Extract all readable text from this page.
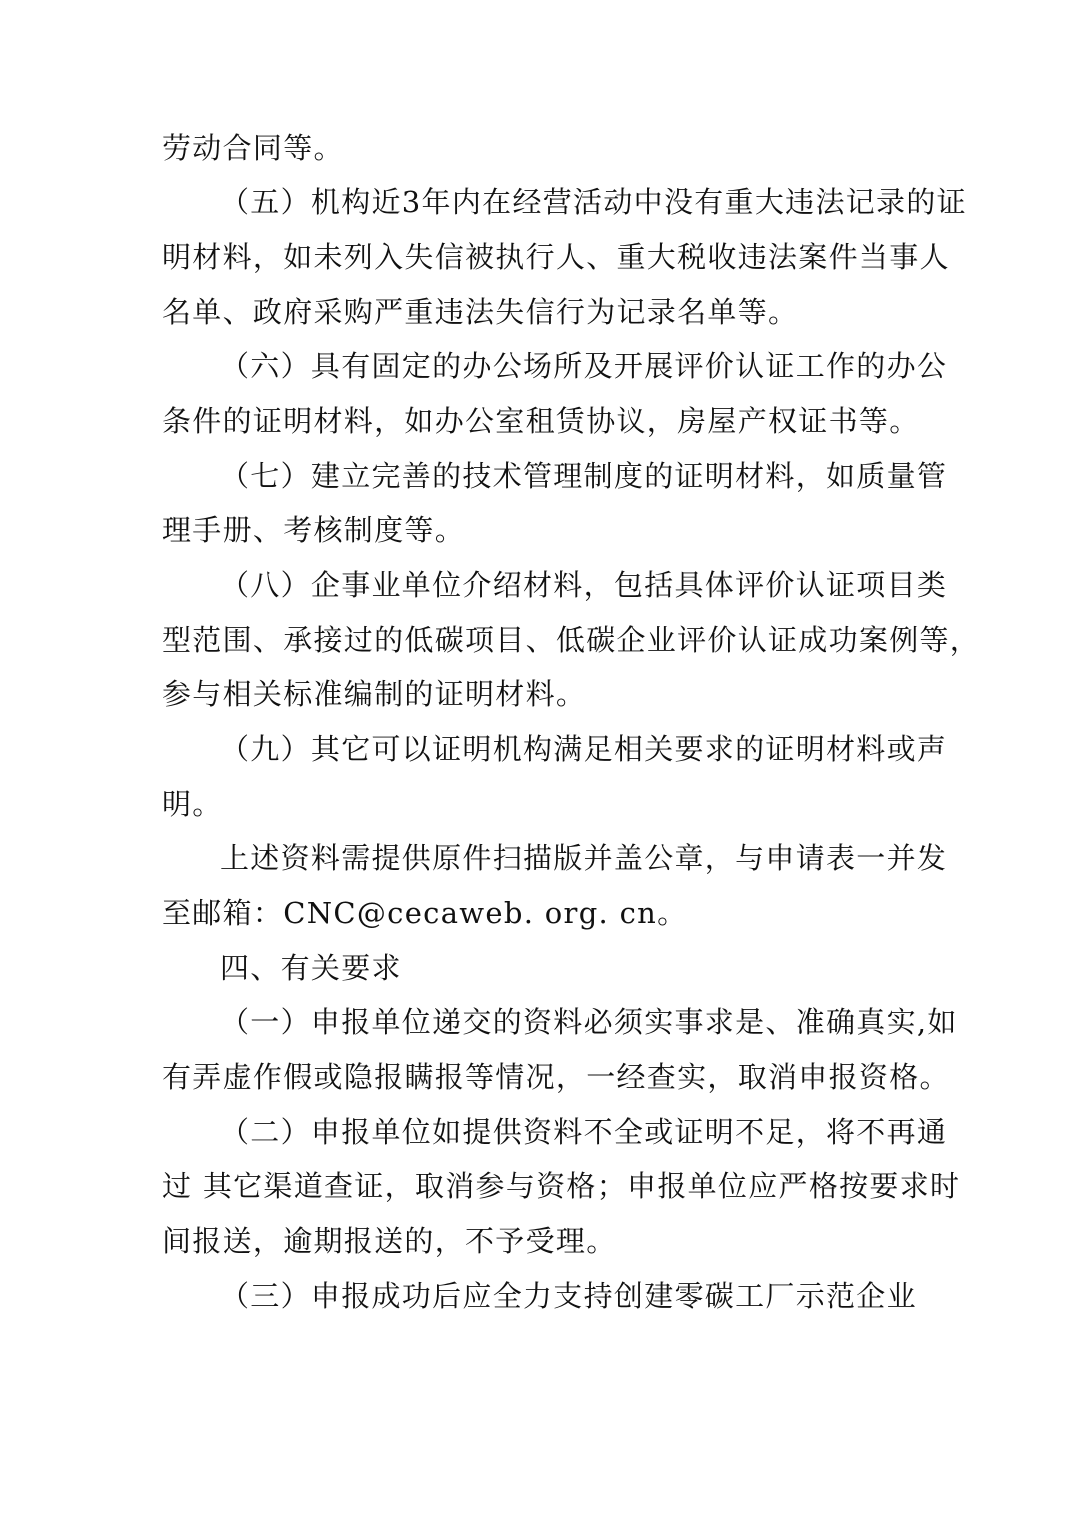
劳动合同等。
（五）机构近3年内在经营活动中没有重大违法记录的证
明材料，如未列入失信被执行人、重大税收违法案件当事人
名单、政府采购严重违法失信行为记录名单等。
（六）具有固定的办公场所及开展评价认证工作的办公
条件的证明材料，如办公室租赁协议，房屋产权证书等。
（七）建立完善的技术管理制度的证明材料，如质量管
理手册、考核制度等。
（八）企事业单位介绍材料，包括具体评价认证项目类
型范围、承接过的低碳项目、低碳企业评价认证成功案例等，
参与相关标准编制的证明材料。
（九）其它可以证明机构满足相关要求的证明材料或声
明。
上述资料需提供原件扫描版并盖公章，与申请表一并发
至邮箱：CNC@cecaweb. org. cn。
四、有关要求
（一）申报单位递交的资料必须实事求是、准确真实,如
有弄虚作假或隐报瞒报等情况，一经查实，取消申报资格。
（二）申报单位如提供资料不全或证明不足，将不再通
过 其它渠道查证，取消参与资格；申报单位应严格按要求时
间报送，逾期报送的，不予受理。
（三）申报成功后应全力支持创建零碳工厂示范企业
